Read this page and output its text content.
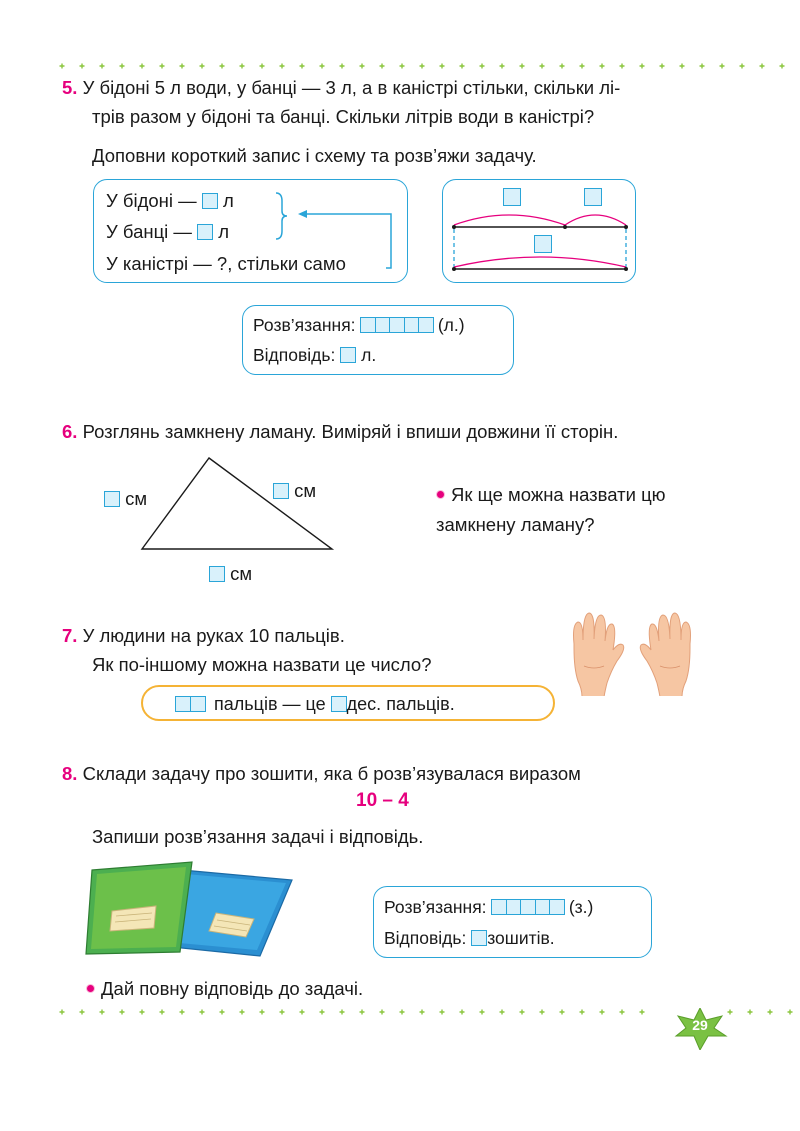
5. У бідоні 5 л води, у банці — 3 л, а в каністрі стільки, скільки лі-
трів разом у бідоні та банці. Скільки літрів води в каністрі?
Доповни короткий запис і схему та розв’яжи задачу.
У бідоні — л
У банці — л
У каністрі — ?, стільки само
Розв’язання:	(л.)
Відповідь: л.
6. Розглянь замкнену ламану. Виміряй і впиши довжини її сторін.
см	см
см
Як ще можна назвати цю
замкнену ламану?
7. У людини на руках 10 пальців.
Як по-іншому можна назвати це число?
пальців — це дес. пальців.
8. Склади задачу про зошити, яка б розв’язувалася виразом
10 – 4
Запиши розв’язання задачі і відповідь.
Розв’язання:	(з.)
Відповідь: зошитів.
Дай повну відповідь до задачі.
29
